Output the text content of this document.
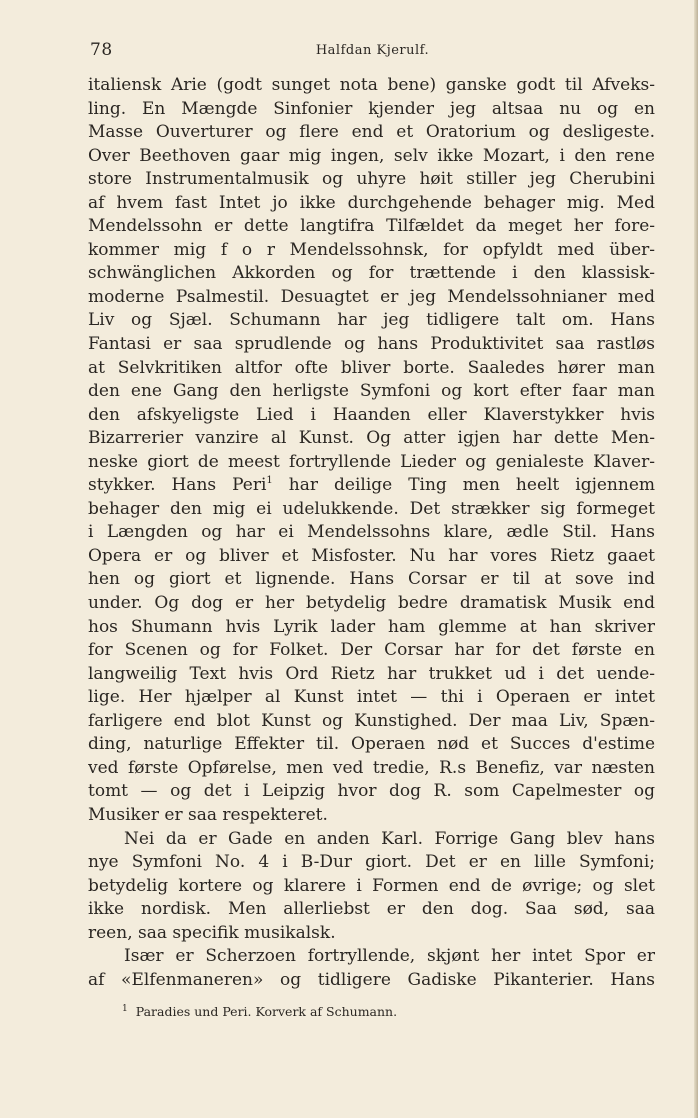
78	Halfdan Kjerulf.
italiensk Arie (godt sunget nota bene) ganske godt til Afveks-
ling. En Mængde Sinfonier kjender jeg altsaa nu og en
Masse Ouverturer og flere end et Oratorium og desligeste.
Over Beethoven gaar mig ingen, selv ikke Mozart, i den rene
store Instrumentalmusik og uhyre høit stiller jeg Cherubini
af hvem fast Intet jo ikke durchgehende behager mig. Med
Mendelssohn er dette langtifra Tilfældet da meget her fore-
kommer mig f o r Mendelssohnsk, for opfyldt med über-
schwänglichen Akkorden og for trættende i den klassisk-
moderne Psalmestil. Desuagtet er jeg Mendelssohnianer med
Liv og Sjæl. Schumann har jeg tidligere talt om. Hans
Fantasi er saa sprudlende og hans Produktivitet saa rastløs
at Selvkritiken altfor ofte bliver borte. Saaledes hører man
den ene Gang den herligste Symfoni og kort efter faar man
den afskyeligste Lied i Haanden eller Klaverstykker hvis
Bizarrerier vanzire al Kunst. Og atter igjen har dette Men-
neske giort de meest fortryllende Lieder og genialeste Klaver-
stykker. Hans Peri$^1$ har deilige Ting men heelt igjennem
behager den mig ei udelukkende. Det strækker sig formeget
i Længden og har ei Mendelssohns klare, ædle Stil. Hans
Opera er og bliver et Misfoster. Nu har vores Rietz gaaet
hen og giort et lignende. Hans Corsar er til at sove ind
under. Og dog er her betydelig bedre dramatisk Musik end
hos Shumann hvis Lyrik lader ham glemme at han skriver
for Scenen og for Folket. Der Corsar har for det første en
langweilig Text hvis Ord Rietz har trukket ud i det uende-
lige. Her hjælper al Kunst intet — thi i Operaen er intet
farligere end blot Kunst og Kunstighed. Der maa Liv, Spæn-
ding, naturlige Effekter til. Operaen nød et Succes d'estime
ved første Opførelse, men ved tredie, R.s Benefiz, var næsten
tomt — og det i Leipzig hvor dog R. som Capelmester og
Musiker er saa respekteret.
Nei da er Gade en anden Karl. Forrige Gang blev hans
nye Symfoni No. 4 i B-Dur giort. Det er en lille Symfoni;
betydelig kortere og klarere i Formen end de øvrige; og slet
ikke nordisk. Men allerliebst er den dog. Saa sød, saa
reen, saa specifik musikalsk.
Især er Scherzoen fortryllende, skjønt her intet Spor er
af «Elfenmaneren» og tidligere Gadiske Pikanterier. Hans
$^1$ Paradies und Peri. Korverk af Schumann.
